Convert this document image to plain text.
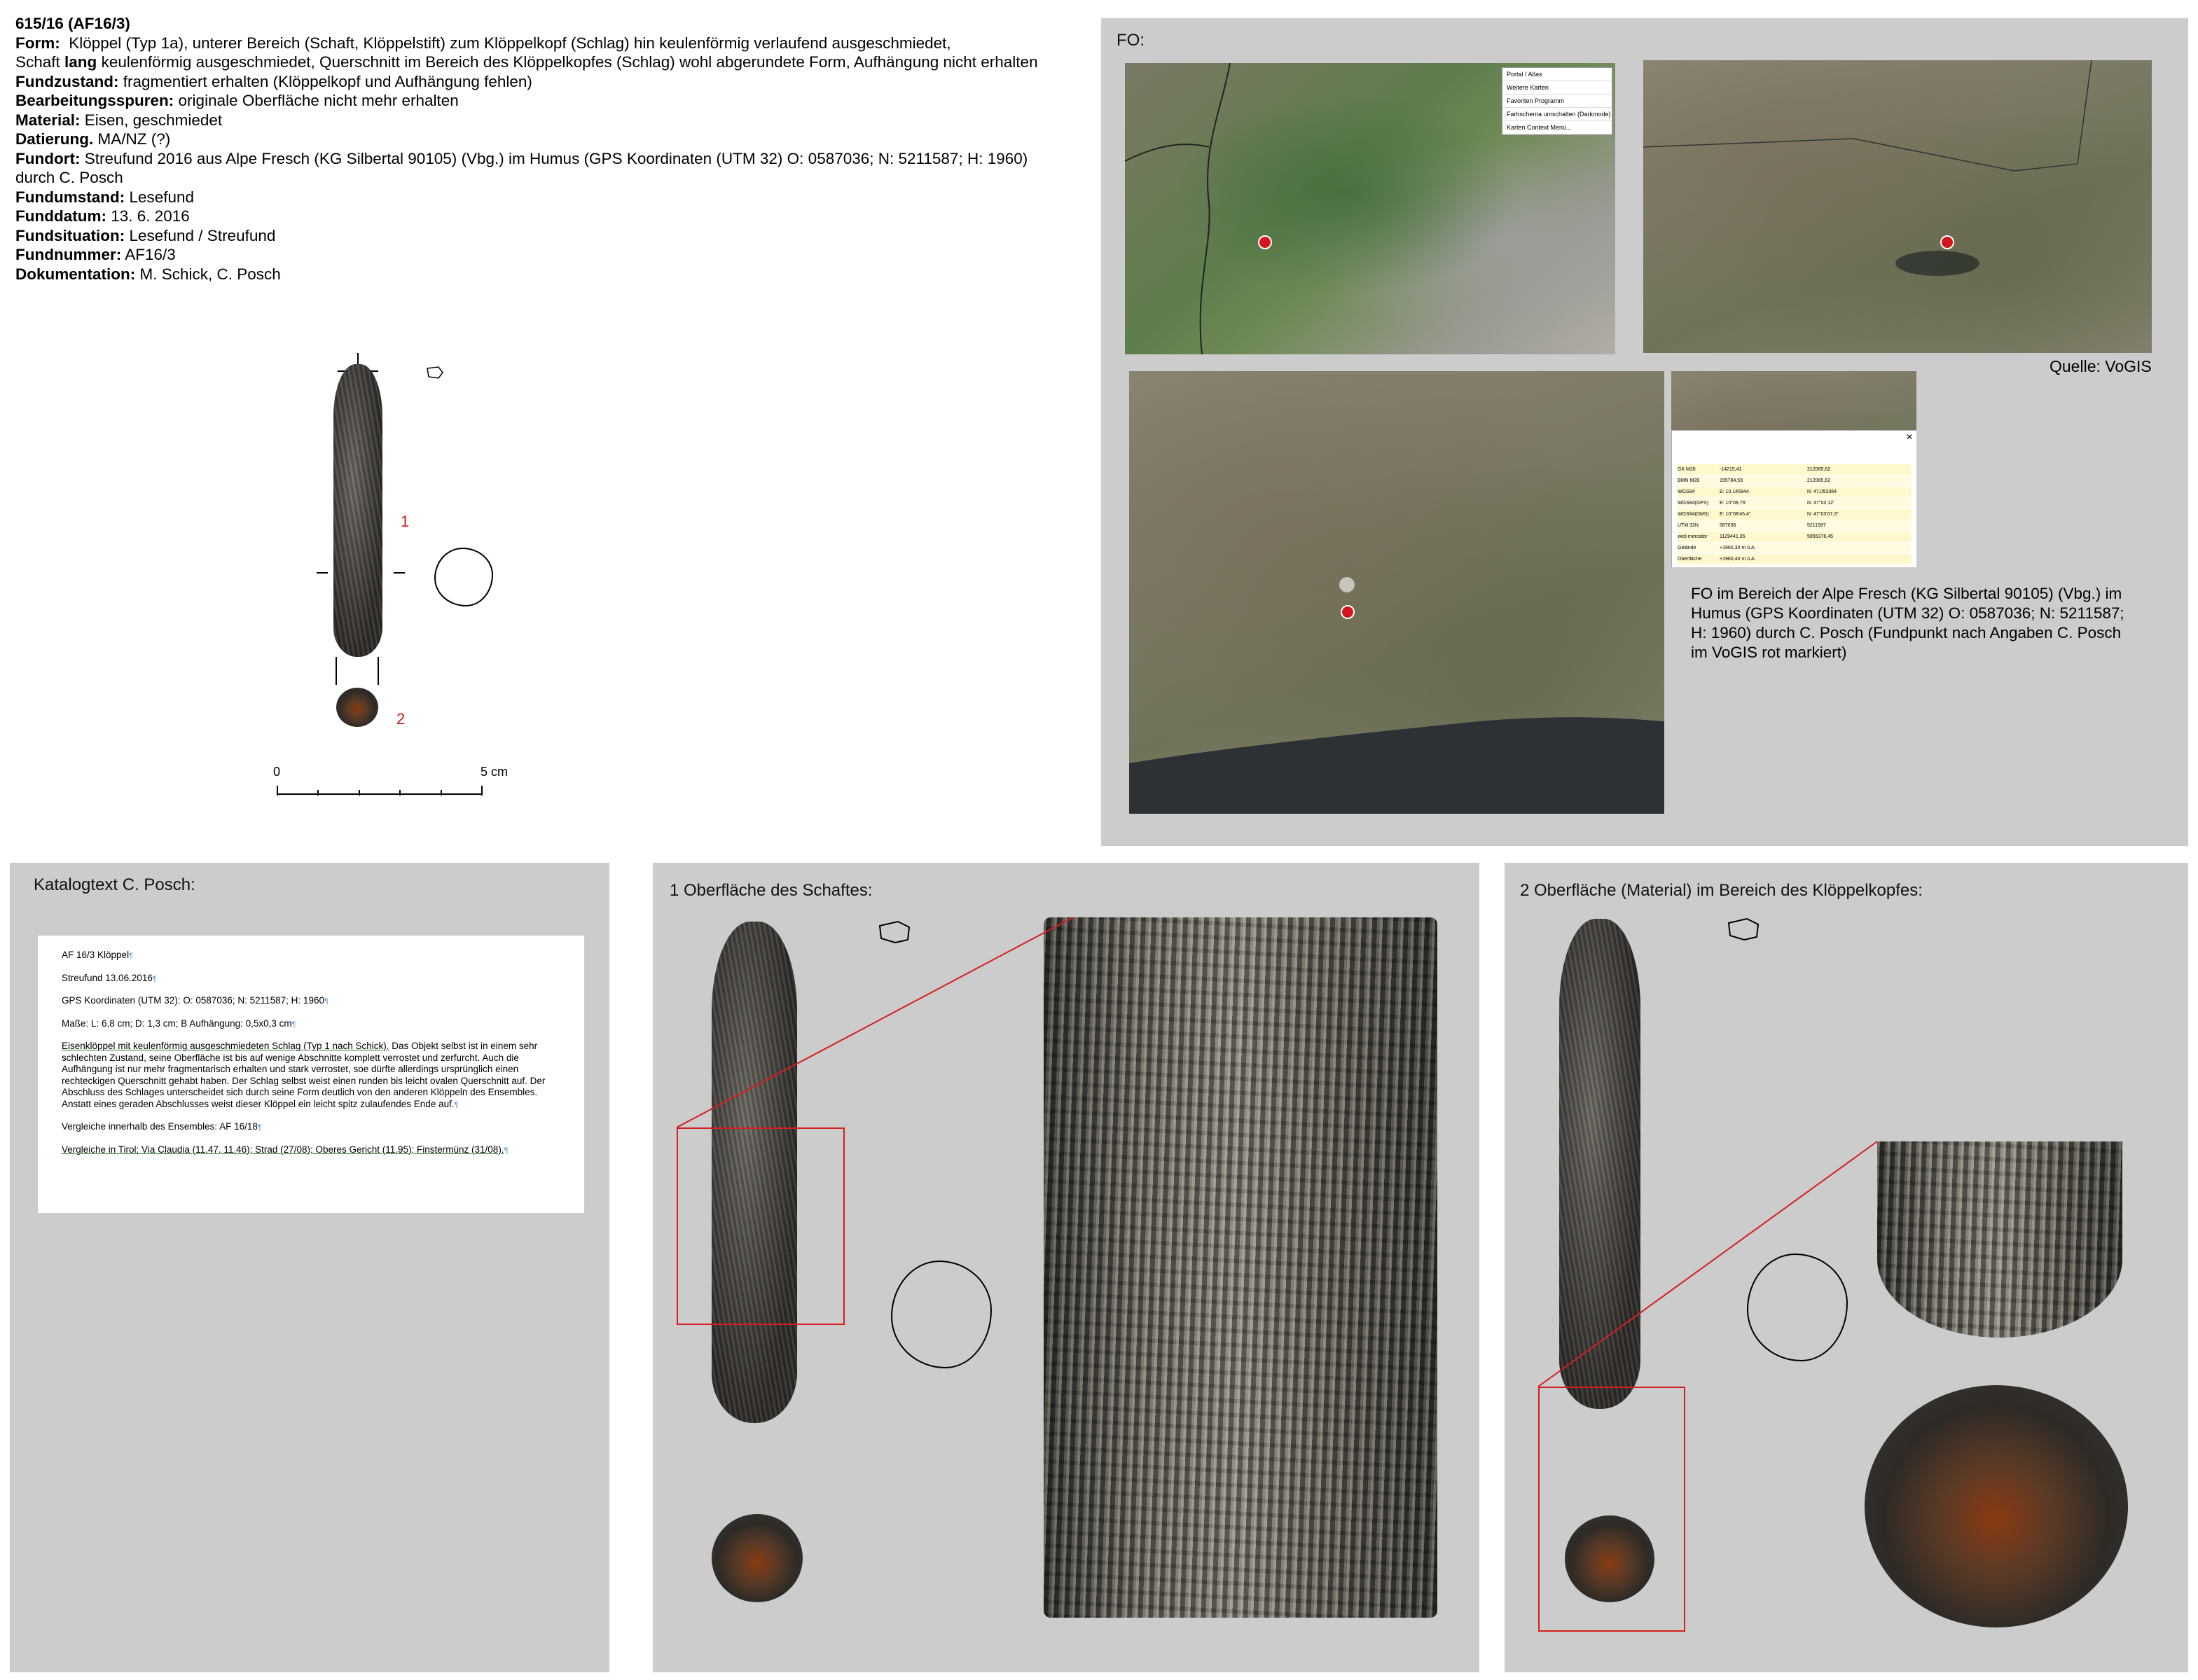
615/16 (AF16/3)
Form:  Klöppel (Typ 1a), unterer Bereich (Schaft, Klöppelstift) zum Klöppelkopf (Schlag) hin keulenförmig verlaufend ausgeschmiedet,
Schaft lang keulenförmig ausgeschmiedet, Querschnitt im Bereich des Klöppelkopfes (Schlag) wohl abgerundete Form, Aufhängung nicht erhalten
Fundzustand: fragmentiert erhalten (Klöppelkopf und Aufhängung fehlen)
Bearbeitungsspuren: originale Oberfläche nicht mehr erhalten
Material: Eisen, geschmiedet
Datierung. MA/NZ (?)
Fundort: Streufund 2016 aus Alpe Fresch (KG Silbertal 90105) (Vbg.) im Humus (GPS Koordinaten (UTM 32) O: 0587036; N: 5211587; H: 1960)
durch C. Posch
Fundumstand: Lesefund
Funddatum: 13. 6. 2016
Fundsituation: Lesefund / Streufund
Fundnummer: AF16/3
Dokumentation: M. Schick, C. Posch
1
2
0	5 cm
FO:
Portal / Atlas
Weitere Karten
Favoriten Programm
Farbschema umschalten (Darkmode)
Karten Context Menü...
Quelle: VoGIS
✕
GK M28	-14215,41	212065,62
BMN M28	155784,59	212065,62
WGS84	E: 10,145944	N: 47,053364
WGS84(GPS)	E: 10°08,76'	N: 47°03,12'
WGS84(DMS)	E: 10°08'45,4"	N: 47°03'07,3"
UTM 32N	587036	5211587
web mercator	1129441,35	5955376,45
Gelände	+1960,30 m ü.A.
Oberfläche	+1960,40 m ü.A.
FO im Bereich der Alpe Fresch (KG Silbertal 90105) (Vbg.) im Humus (GPS Koordinaten (UTM 32) O: 0587036; N: 5211587; H: 1960) durch C. Posch (Fundpunkt nach Angaben C. Posch im VoGIS rot markiert)
Katalogtext C. Posch:

AF 16/3 Klöppel¶

Streufund 13.06.2016¶

GPS Koordinaten (UTM 32): O: 0587036; N: 5211587; H: 1960¶

Maße: L: 6,8 cm; D: 1,3 cm; B Aufhängung: 0,5x0,3 cm¶

Eisenklöppel mit keulenförmig ausgeschmiedeten Schlag (Typ 1 nach Schick). Das Objekt selbst ist in einem sehr schlechten Zustand, seine Oberfläche ist bis auf wenige Abschnitte komplett verrostet und zerfurcht. Auch die Aufhängung ist nur mehr fragmentarisch erhalten und stark verrostet, soe dürfte allerdings ursprünglich einen rechteckigen Querschnitt gehabt haben. Der Schlag selbst weist einen runden bis leicht ovalen Querschnitt auf. Der Abschluss des Schlages unterscheidet sich durch seine Form deutlich von den anderen Klöppeln des Ensembles. Anstatt eines geraden Abschlusses weist dieser Klöppel ein leicht spitz zulaufendes Ende auf.¶

Vergleiche innerhalb des Ensembles: AF 16/18¶

Vergleiche in Tirol: Via Claudia (11.47, 11.46); Strad (27/08); Oberes Gericht (11.95); Finstermünz (31/08).¶

1 Oberfläche des Schaftes:	2 Oberfläche (Material) im Bereich des Klöppelkopfes:
